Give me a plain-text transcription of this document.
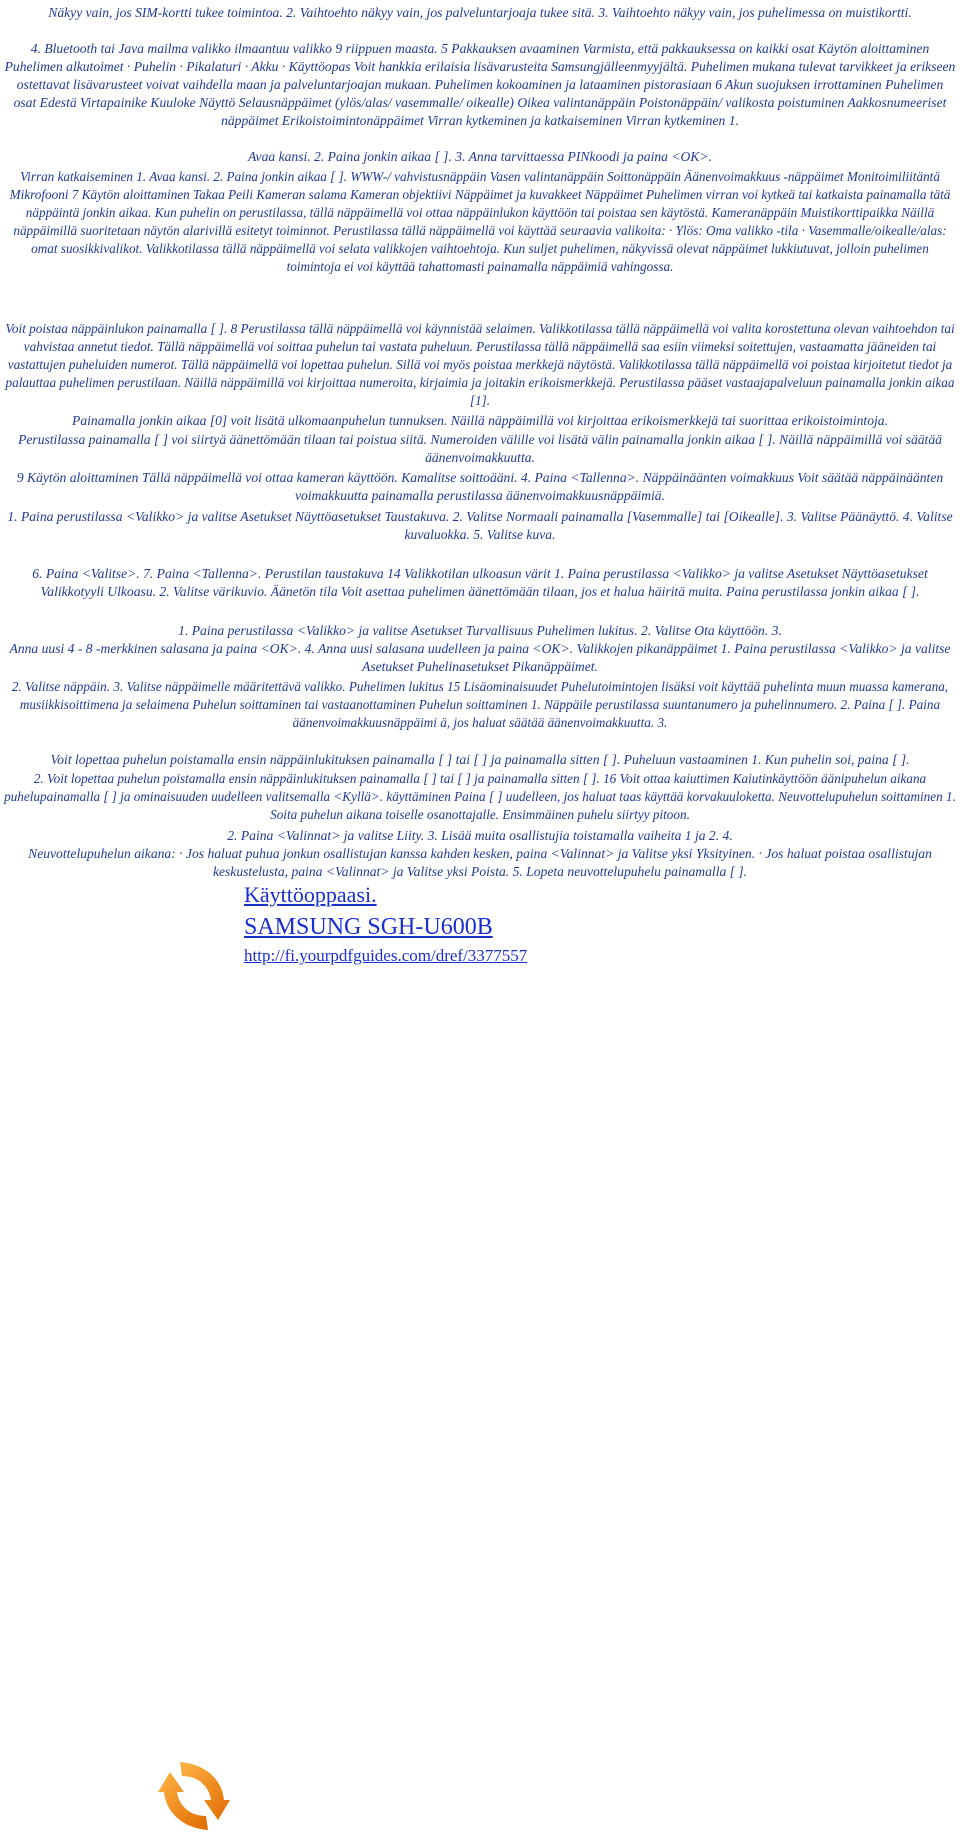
Näkyy vain, jos SIM-kortti tukee toimintoa. 2. Vaihtoehto näkyy vain, jos palveluntarjoaja tukee sitä. 3. Vaihtoehto näkyy vain, jos puhelimessa on muistikortti.

4. Bluetooth tai Java mailma valikko ilmaantuu valikko 9 riippuen maasta. 5 Pakkauksen avaaminen Varmista, että pakkauksessa on kaikki osat Käytön aloittaminen Puhelimen alkutoimet · Puhelin · Pikalaturi · Akku · Käyttöopas Voit hankkia erilaisia lisävarusteita Samsungjälleenmyyjältä. Puhelimen mukana tulevat tarvikkeet ja erikseen ostettavat lisävarusteet voivat vaihdella maan ja palveluntarjoajan mukaan. Puhelimen kokoaminen ja lataaminen pistorasiaan 6 Akun suojuksen irrottaminen Puhelimen osat Edestä Virtapainike Kuuloke Näyttö Selausnäppäimet (ylös/alas/ vasemmalle/ oikealle) Oikea valintanäppäin Poistonäppäin/ valikosta poistuminen Aakkosnumeeriset näppäimet Erikoistoimintonäppäimet Virran kytkeminen ja katkaiseminen Virran kytkeminen 1.

Avaa kansi. 2. Paina jonkin aikaa [ ]. 3. Anna tarvittaessa PINkoodi ja paina <OK>.

Virran katkaiseminen 1. Avaa kansi. 2. Paina jonkin aikaa [ ]. WWW-/ vahvistusnäppäin Vasen valintanäppäin Soittonäppäin Äänenvoimakkuus -näppäimet Monitoimiliitäntä Mikrofooni 7 Käytön aloittaminen Takaa Peili Kameran salama Kameran objektiivi Näppäimet ja kuvakkeet Näppäimet Puhelimen virran voi kytkeä tai katkaista painamalla tätä näppäintä jonkin aikaa. Kun puhelin on perustilassa, tällä näppäimellä voi ottaa näppäinlukon käyttöön tai poistaa sen käytöstä. Kameranäppäin Muistikorttipaikka Näillä näppäimillä suoritetaan näytön alarivillä esitetyt toiminnot. Perustilassa tällä näppäimellä voi käyttää seuraavia valikoita: · Ylös: Oma valikko -tila · Vasemmalle/oikealle/alas: omat suosikkivalikot. Valikkotilassa tällä näppäimellä voi selata valikkojen vaihtoehtoja. Kun suljet puhelimen, näkyvissä olevat näppäimet lukkiutuvat, jolloin puhelimen toimintoja ei voi käyttää tahattomasti painamalla näppäimiä vahingossa.

Voit poistaa näppäinlukon painamalla [ ]. 8 Perustilassa tällä näppäimellä voi käynnistää selaimen. Valikkotilassa tällä näppäimellä voi valita korostettuna olevan vaihtoehdon tai vahvistaa annetut tiedot. Tällä näppäimellä voi soittaa puhelun tai vastata puheluun. Perustilassa tällä näppäimellä saa esiin viimeksi soitettujen, vastaamatta jääneiden tai vastattujen puheluiden numerot. Tällä näppäimellä voi lopettaa puhelun. Sillä voi myös poistaa merkkejä näytöstä. Valikkotilassa tällä näppäimellä voi poistaa kirjoitetut tiedot ja palauttaa puhelimen perustilaan. Näillä näppäimillä voi kirjoittaa numeroita, kirjaimia ja joitakin erikoismerkkejä. Perustilassa pääset vastaajapalveluun painamalla jonkin aikaa [1].

Painamalla jonkin aikaa [0] voit lisätä ulkomaanpuhelun tunnuksen. Näillä näppäimillä voi kirjoittaa erikoismerkkejä tai suorittaa erikoistoimintoja.

Perustilassa painamalla [ ] voi siirtyä äänettömään tilaan tai poistua siitä. Numeroiden välille voi lisätä välin painamalla jonkin aikaa [ ]. Näillä näppäimillä voi säätää äänenvoimakkuutta.

9 Käytön aloittaminen Tällä näppäimellä voi ottaa kameran käyttöön. Kamalitse soittoääni. 4. Paina <Tallenna>. Näppäinäänten voimakkuus Voit säätää näppäinäänten voimakkuutta painamalla perustilassa äänenvoimakkuusnäppäimiä.

1. Paina perustilassa <Valikko> ja valitse Asetukset Näyttöasetukset Taustakuva. 2. Valitse Normaali painamalla [Vasemmalle] tai [Oikealle]. 3. Valitse Päänäyttö. 4. Valitse kuvaluokka. 5. Valitse kuva.

6. Paina <Valitse>. 7. Paina <Tallenna>. Perustilan taustakuva 14 Valikkotilan ulkoasun värit 1. Paina perustilassa <Valikko> ja valitse Asetukset Näyttöasetukset Valikkotyyli Ulkoasu. 2. Valitse värikuvio. Äänetön tila Voit asettaa puhelimen äänettömään tilaan, jos et halua häiritä muita. Paina perustilassa jonkin aikaa [ ].

1. Paina perustilassa <Valikko> ja valitse Asetukset Turvallisuus Puhelimen lukitus. 2. Valitse Ota käyttöön. 3.

Anna uusi 4 - 8 -merkkinen salasana ja paina <OK>. 4. Anna uusi salasana uudelleen ja paina <OK>. Valikkojen pikanäppäimet 1. Paina perustilassa <Valikko> ja valitse Asetukset Puhelinasetukset Pikanäppäimet.

2. Valitse näppäin. 3. Valitse näppäimelle määritettävä valikko. Puhelimen lukitus 15 Lisäominaisuudet Puhelutoimintojen lisäksi voit käyttää puhelinta muun muassa kamerana, musiikkisoittimena ja selaimena Puhelun soittaminen tai vastaanottaminen Puhelun soittaminen 1. Näppäile perustilassa suuntanumero ja puhelinnumero. 2. Paina [ ]. Paina äänenvoimakkuusnäppäimi ä, jos haluat säätää äänenvoimakkuutta. 3.

Voit lopettaa puhelun poistamalla ensin näppäinlukituksen painamalla [ ] tai [ ] ja painamalla sitten [ ]. Puheluun vastaaminen 1. Kun puhelin soi, paina [ ].

2. Voit lopettaa puhelun poistamalla ensin näppäinlukituksen painamalla [ ] tai [ ] ja painamalla sitten [ ]. 16 Voit ottaa kaiuttimen Kaiutinkäyttöön äänipuhelun aikana puhelupainamalla [ ] ja ominaisuuden uudelleen valitsemalla <Kyllä>. käyttäminen Paina [ ] uudelleen, jos haluat taas käyttää korvakuuloketta. Neuvottelupuhelun soittaminen 1. Soita puhelun aikana toiselle osanottajalle. Ensimmäinen puhelu siirtyy pitoon.

2. Paina <Valinnat> ja valitse Liity. 3. Lisää muita osallistujia toistamalla vaiheita 1 ja 2. 4.

Neuvottelupuhelun aikana: · Jos haluat puhua jonkun osallistujan kanssa kahden kesken, paina <Valinnat> ja Valitse yksi Yksityinen. · Jos haluat poistaa osallistujan keskustelusta, paina <Valinnat> ja Valitse yksi Poista. 5. Lopeta neuvottelupuhelu painamalla [ ].

Käyttöoppaasi.
SAMSUNG SGH-U600B
http://fi.yourpdfguides.com/dref/3377557
